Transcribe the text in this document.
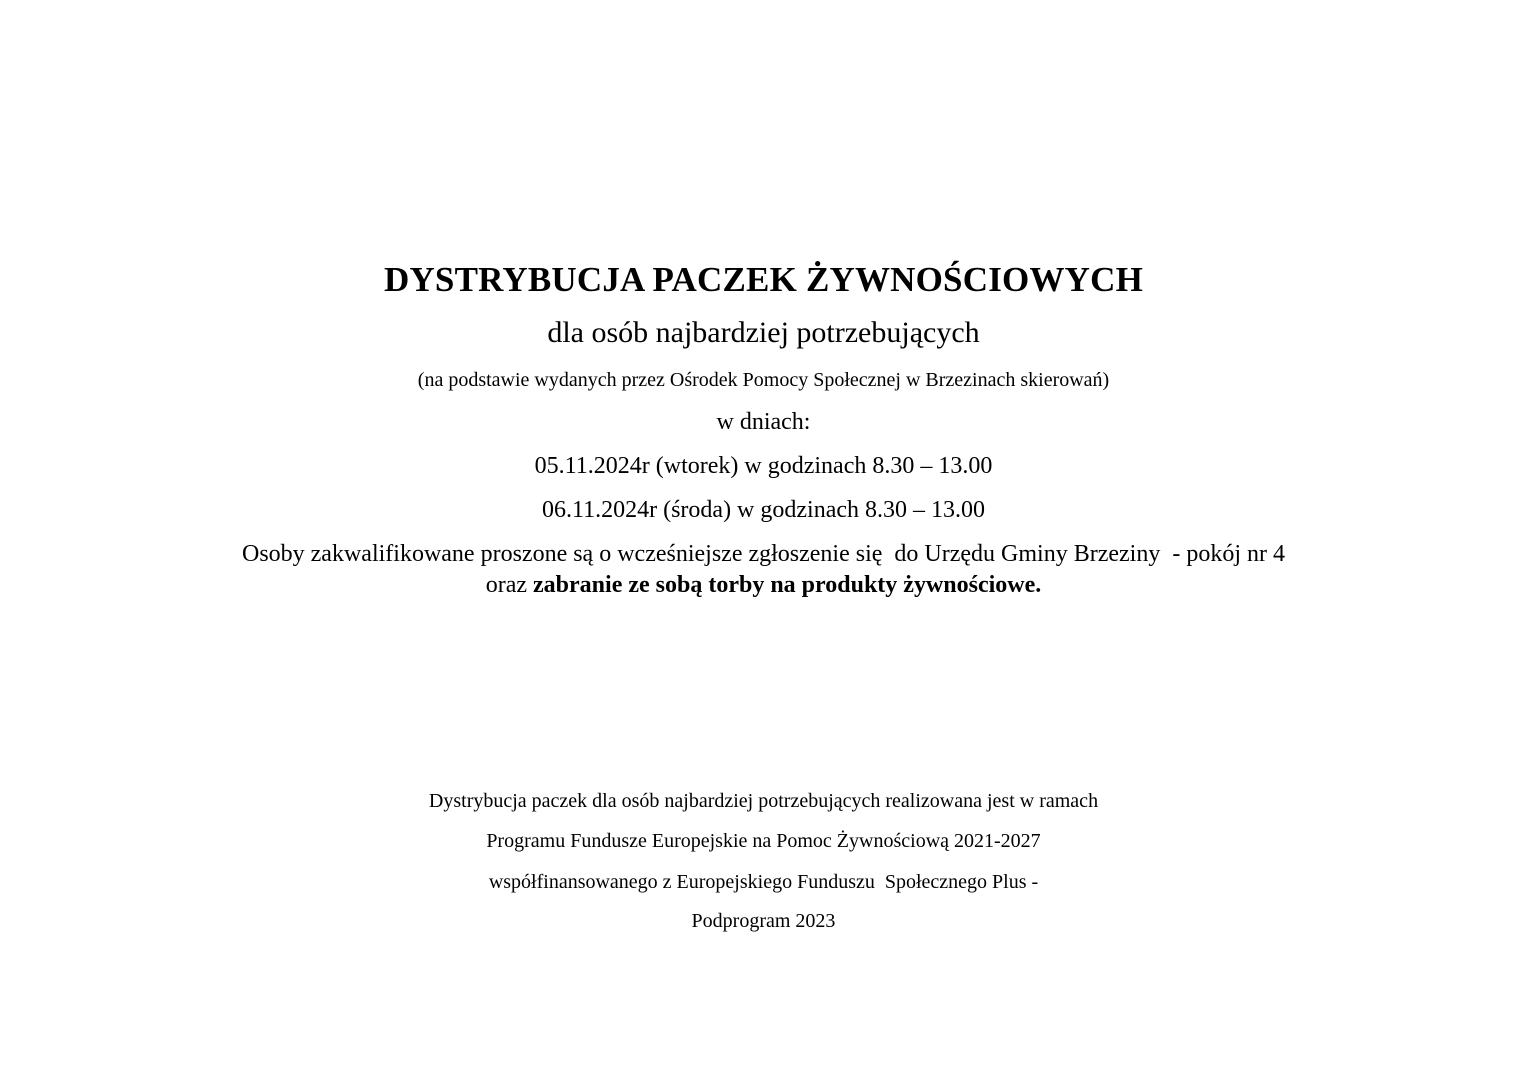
DYSTRYBUCJA PACZEK ŻYWNOŚCIOWYCH
dla osób najbardziej potrzebujących
(na podstawie wydanych przez Ośrodek Pomocy Społecznej w Brzezinach skierowań)
w dniach:
05.11.2024r (wtorek) w godzinach 8.30 – 13.00
06.11.2024r (środa) w godzinach 8.30 – 13.00
Osoby zakwalifikowane proszone są o wcześniejsze zgłoszenie się  do Urzędu Gminy Brzeziny  - pokój nr 4
oraz zabranie ze sobą torby na produkty żywnościowe.
Dystrybucja paczek dla osób najbardziej potrzebujących realizowana jest w ramach
Programu Fundusze Europejskie na Pomoc Żywnościową 2021-2027
współfinansowanego z Europejskiego Funduszu  Społecznego Plus -
Podprogram 2023
